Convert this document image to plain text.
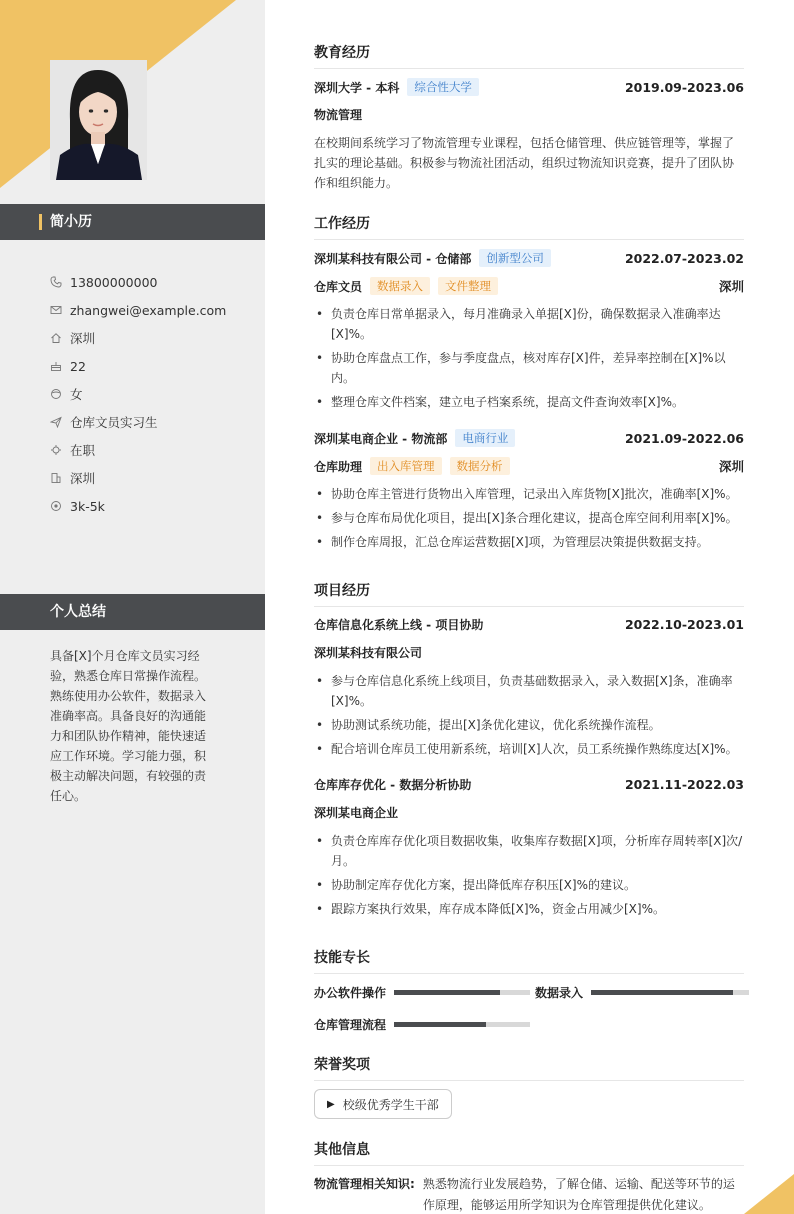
简小历
13800000000
zhangwei@example.com
深圳
22
女
仓库文员实习生
在职
深圳
3k-5k
个人总结
具备[X]个月仓库文员实习经验，熟悉仓库日常操作流程。熟练使用办公软件，数据录入准确率高。具备良好的沟通能力和团队协作精神，能快速适应工作环境。学习能力强，积极主动解决问题，有较强的责任心。
教育经历
深圳大学 - 本科	综合性大学	2019.09-2023.06
物流管理
在校期间系统学习了物流管理专业课程，包括仓储管理、供应链管理等，掌握了扎实的理论基础。积极参与物流社团活动，组织过物流知识竞赛，提升了团队协作和组织能力。
工作经历
深圳某科技有限公司 - 仓储部	创新型公司	2022.07-2023.02
仓库文员	数据录入	文件整理	深圳
• 负责仓库日常单据录入，每月准确录入单据[X]份，确保数据录入准确率达[X]%。
• 协助仓库盘点工作，参与季度盘点，核对库存[X]件，差异率控制在[X]%以内。
• 整理仓库文件档案，建立电子档案系统，提高文件查询效率[X]%。
深圳某电商企业 - 物流部	电商行业	2021.09-2022.06
仓库助理	出入库管理	数据分析	深圳
• 协助仓库主管进行货物出入库管理，记录出入库货物[X]批次，准确率[X]%。
• 参与仓库布局优化项目，提出[X]条合理化建议，提高仓库空间利用率[X]%。
• 制作仓库周报，汇总仓库运营数据[X]项，为管理层决策提供数据支持。
项目经历
仓库信息化系统上线 - 项目协助	2022.10-2023.01
深圳某科技有限公司
• 参与仓库信息化系统上线项目，负责基础数据录入，录入数据[X]条，准确率[X]%。
• 协助测试系统功能，提出[X]条优化建议，优化系统操作流程。
• 配合培训仓库员工使用新系统，培训[X]人次，员工系统操作熟练度达[X]%。
仓库库存优化 - 数据分析协助	2021.11-2022.03
深圳某电商企业
• 负责仓库库存优化项目数据收集，收集库存数据[X]项，分析库存周转率[X]次/月。
• 协助制定库存优化方案，提出降低库存积压[X]%的建议。
• 跟踪方案执行效果，库存成本降低[X]%，资金占用减少[X]%。
技能专长
办公软件操作	数据录入
仓库管理流程
荣誉奖项
▶ 校级优秀学生干部
其他信息
物流管理相关知识: 熟悉物流行业发展趋势，了解仓储、运输、配送等环节的运作原理，能够运用所学知识为仓库管理提供优化建议。
